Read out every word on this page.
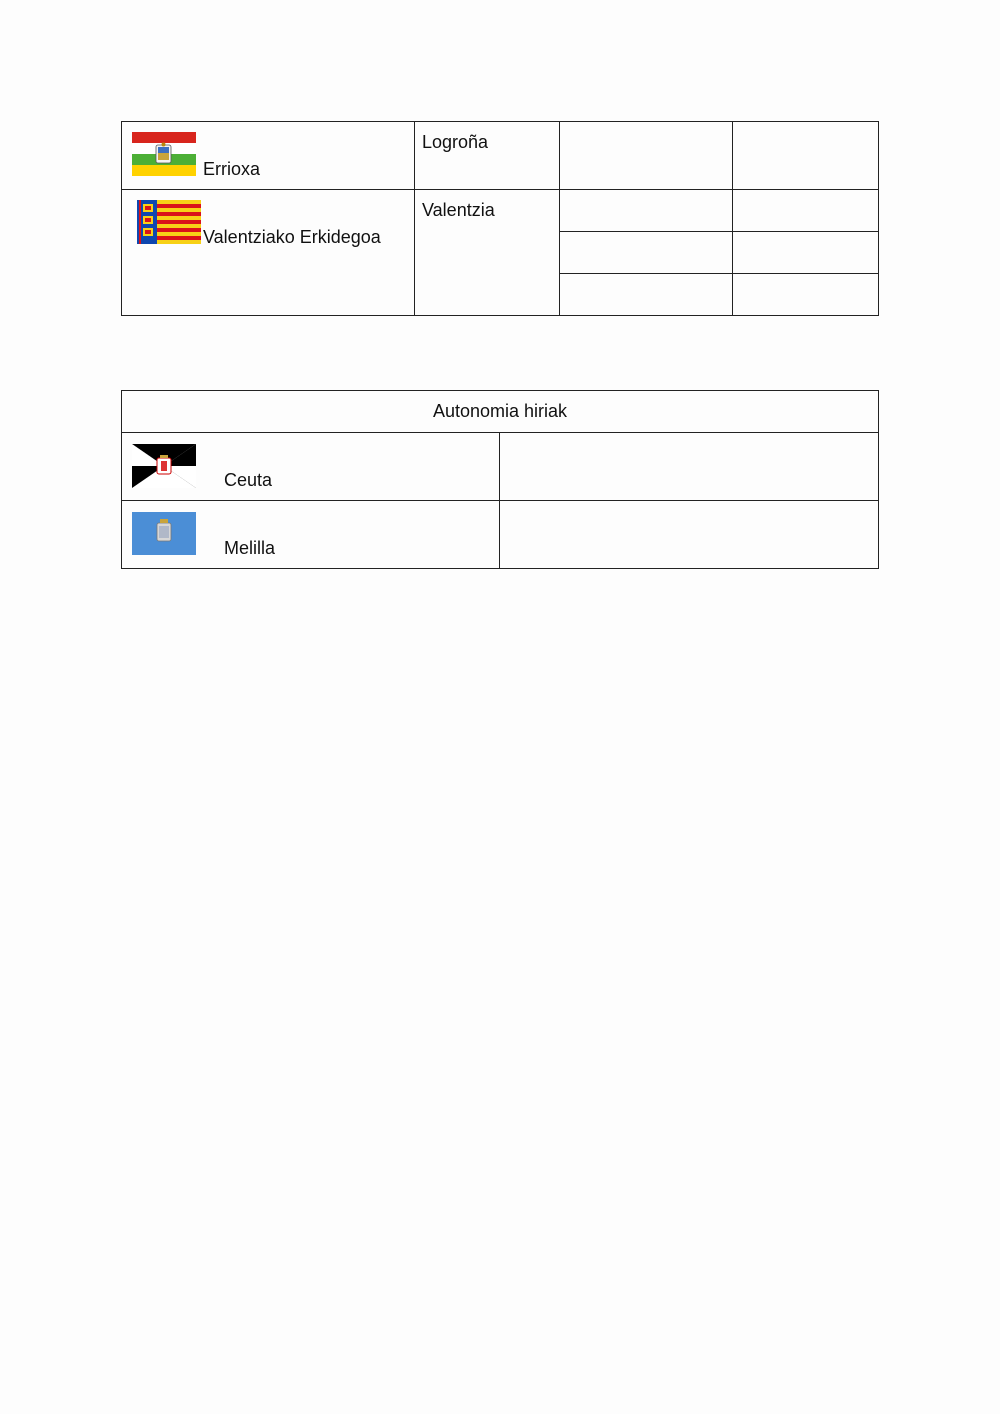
Errioxa	Logroña		

Valentziako Erkidegoa	Valentzia		

Autonomia hiriak	

Ceuta	

Melilla	
